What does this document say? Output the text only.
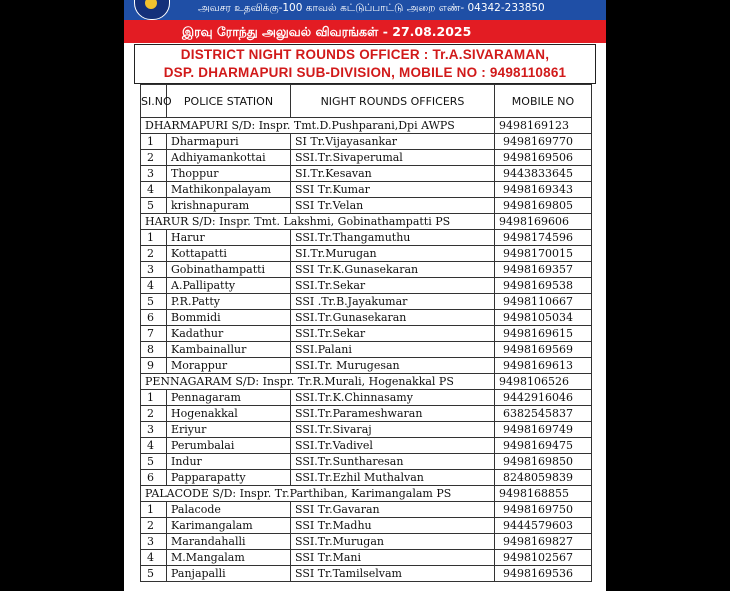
அவசர உதவிக்கு-100 காவல் கட்டுப்பாட்டு அறை எண்- 04342-233850
இரவு ரோந்து அலுவல் விவரங்கள் - 27.08.2025
DISTRICT NIGHT ROUNDS OFFICER : Tr.A.SIVARAMAN,
DSP. DHARMAPURI SUB-DIVISION, MOBILE NO : 9498110861
SI.NO	POLICE STATION	NIGHT ROUNDS OFFICERS	MOBILE NO
DHARMAPURI S/D: Inspr. Tmt.D.Pushparani,Dpi AWPS			9498169123
1	Dharmapuri	SI Tr.Vijayasankar	9498169770
2	Adhiyamankottai	SSI.Tr.Sivaperumal	9498169506
3	Thoppur	SI.Tr.Kesavan	9443833645
4	Mathikonpalayam	SSI Tr.Kumar	9498169343
5	krishnapuram	SSI Tr.Velan	9498169805
HARUR S/D: Inspr. Tmt. Lakshmi, Gobinathampatti PS			9498169606
1	Harur	SSI.Tr.Thangamuthu	9498174596
2	Kottapatti	SI.Tr.Murugan	9498170015
3	Gobinathampatti	SSI Tr.K.Gunasekaran	9498169357
4	A.Pallipatty	SSI.Tr.Sekar	9498169538
5	P.R.Patty	SSI .Tr.B.Jayakumar	9498110667
6	Bommidi	SSI.Tr.Gunasekaran	9498105034
7	Kadathur	SSI.Tr.Sekar	9498169615
8	Kambainallur	SSI.Palani	9498169569
9	Morappur	SSI.Tr. Murugesan	9498169613
PENNAGARAM S/D: Inspr. Tr.R.Murali, Hogenakkal PS			9498106526
1	Pennagaram	SSI.Tr.K.Chinnasamy	9442916046
2	Hogenakkal	SSI.Tr.Parameshwaran	6382545837
3	Eriyur	SSI.Tr.Sivaraj	9498169749
4	Perumbalai	SSI.Tr.Vadivel	9498169475
5	Indur	SSI.Tr.Suntharesan	9498169850
6	Papparapatty	SSI.Tr.Ezhil Muthalvan	8248059839
PALACODE S/D: Inspr. Tr.Parthiban, Karimangalam PS			9498168855
1	Palacode	SSI Tr.Gavaran	9498169750
2	Karimangalam	SSI Tr.Madhu	9444579603
3	Marandahalli	SSI.Tr.Murugan	9498169827
4	M.Mangalam	SSI Tr.Mani	9498102567
5	Panjapalli	SSI Tr.Tamilselvam	9498169536
